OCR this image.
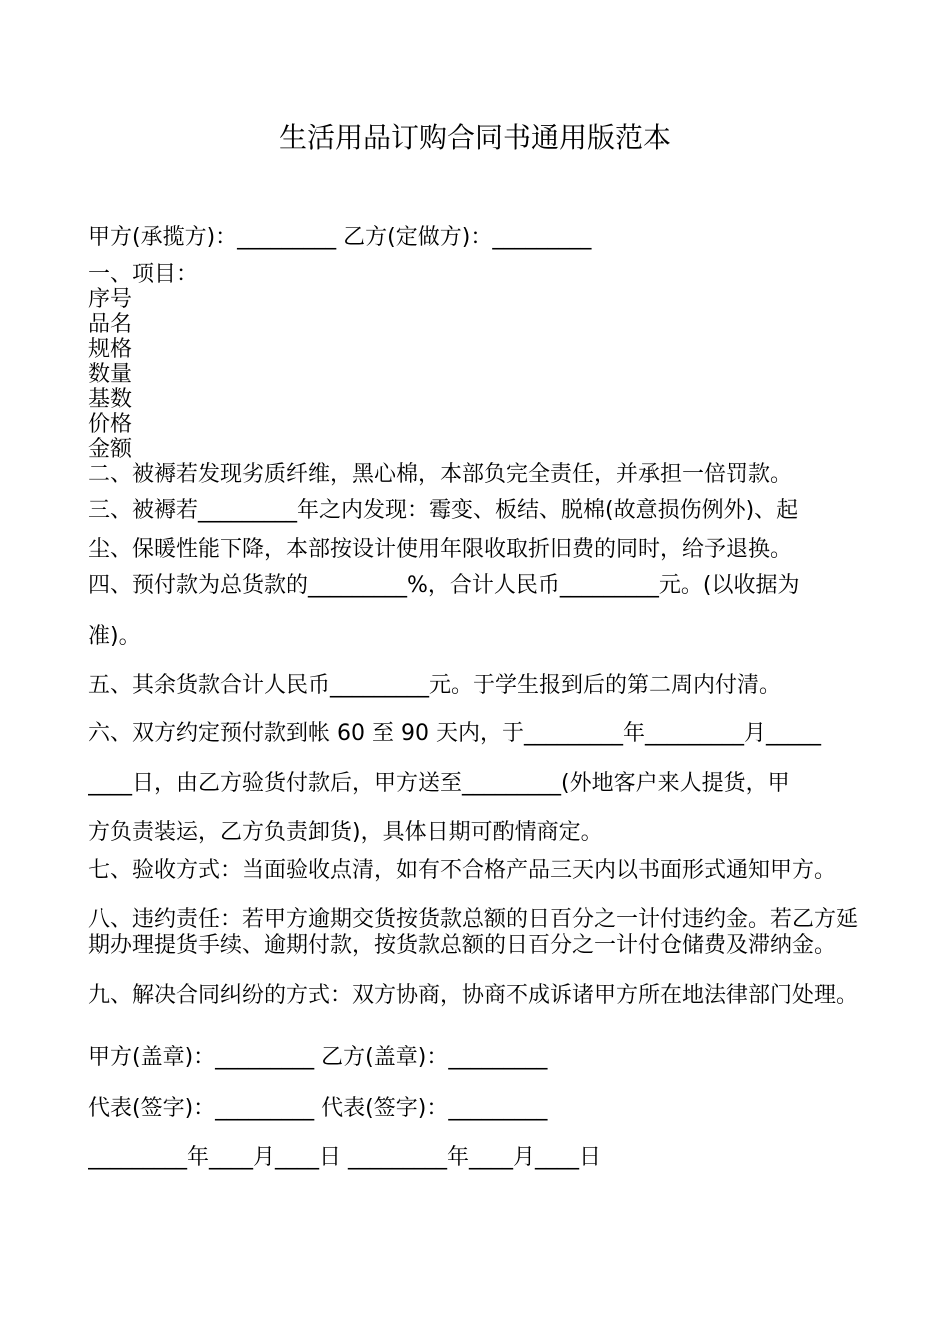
生活用品订购合同书通用版范本
甲方(承揽方)：_________ 乙方(定做方)：_________
一、项目：
序号
品名
规格
数量
基数
价格
金额
二、被褥若发现劣质纤维，黑心棉，本部负完全责任，并承担一倍罚款。
三、被褥若_________年之内发现：霉变、板结、脱棉(故意损伤例外)、起
尘、保暖性能下降，本部按设计使用年限收取折旧费的同时，给予退换。
四、预付款为总货款的_________%，合计人民币_________元。(以收据为
准)。
五、其余货款合计人民币_________元。于学生报到后的第二周内付清。
六、双方约定预付款到帐 60 至 90 天内，于_________年_________月_____
____日，由乙方验货付款后，甲方送至_________(外地客户来人提货，甲
方负责装运，乙方负责卸货)，具体日期可酌情商定。
七、验收方式：当面验收点清，如有不合格产品三天内以书面形式通知甲方。
八、违约责任：若甲方逾期交货按货款总额的日百分之一计付违约金。若乙方延期办理提货手续、逾期付款，按货款总额的日百分之一计付仓储费及滞纳金。
九、解决合同纠纷的方式：双方协商，协商不成诉诸甲方所在地法律部门处理。
甲方(盖章)：_________ 乙方(盖章)：_________
代表(签字)：_________ 代表(签字)：_________
_________年____月____日 _________年____月____日
